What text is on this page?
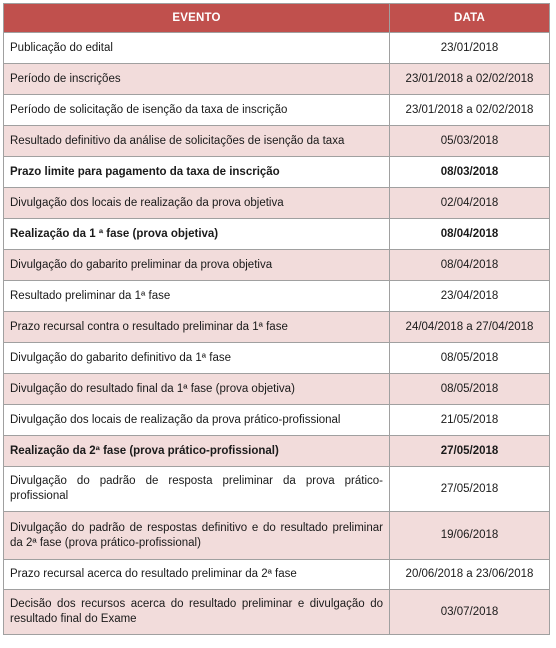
EVENTO	DATA
Publicação do edital	23/01/2018
Período de inscrições	23/01/2018 a 02/02/2018
Período de solicitação de isenção da taxa de inscrição	23/01/2018 a 02/02/2018
Resultado definitivo da análise de solicitações de isenção da taxa	05/03/2018
Prazo limite para pagamento da taxa de inscrição	08/03/2018
Divulgação dos locais de realização da prova objetiva	02/04/2018
Realização da 1 ª fase (prova objetiva)	08/04/2018
Divulgação do gabarito preliminar da prova objetiva	08/04/2018
Resultado preliminar da 1ª fase	23/04/2018
Prazo recursal contra o resultado preliminar da 1ª fase	24/04/2018 a 27/04/2018
Divulgação do gabarito definitivo da 1ª fase	08/05/2018
Divulgação do resultado final da 1ª fase (prova objetiva)	08/05/2018
Divulgação dos locais de realização da prova prático-profissional	21/05/2018
Realização da 2ª fase (prova prático-profissional)	27/05/2018
Divulgação do padrão de resposta preliminar da prova prático-profissional	27/05/2018
Divulgação do padrão de respostas definitivo e do resultado preliminar da 2ª fase (prova prático-profissional)	19/06/2018
Prazo recursal acerca do resultado preliminar da 2ª fase	20/06/2018 a 23/06/2018
Decisão dos recursos acerca do resultado preliminar e divulgação do resultado final do Exame	03/07/2018
